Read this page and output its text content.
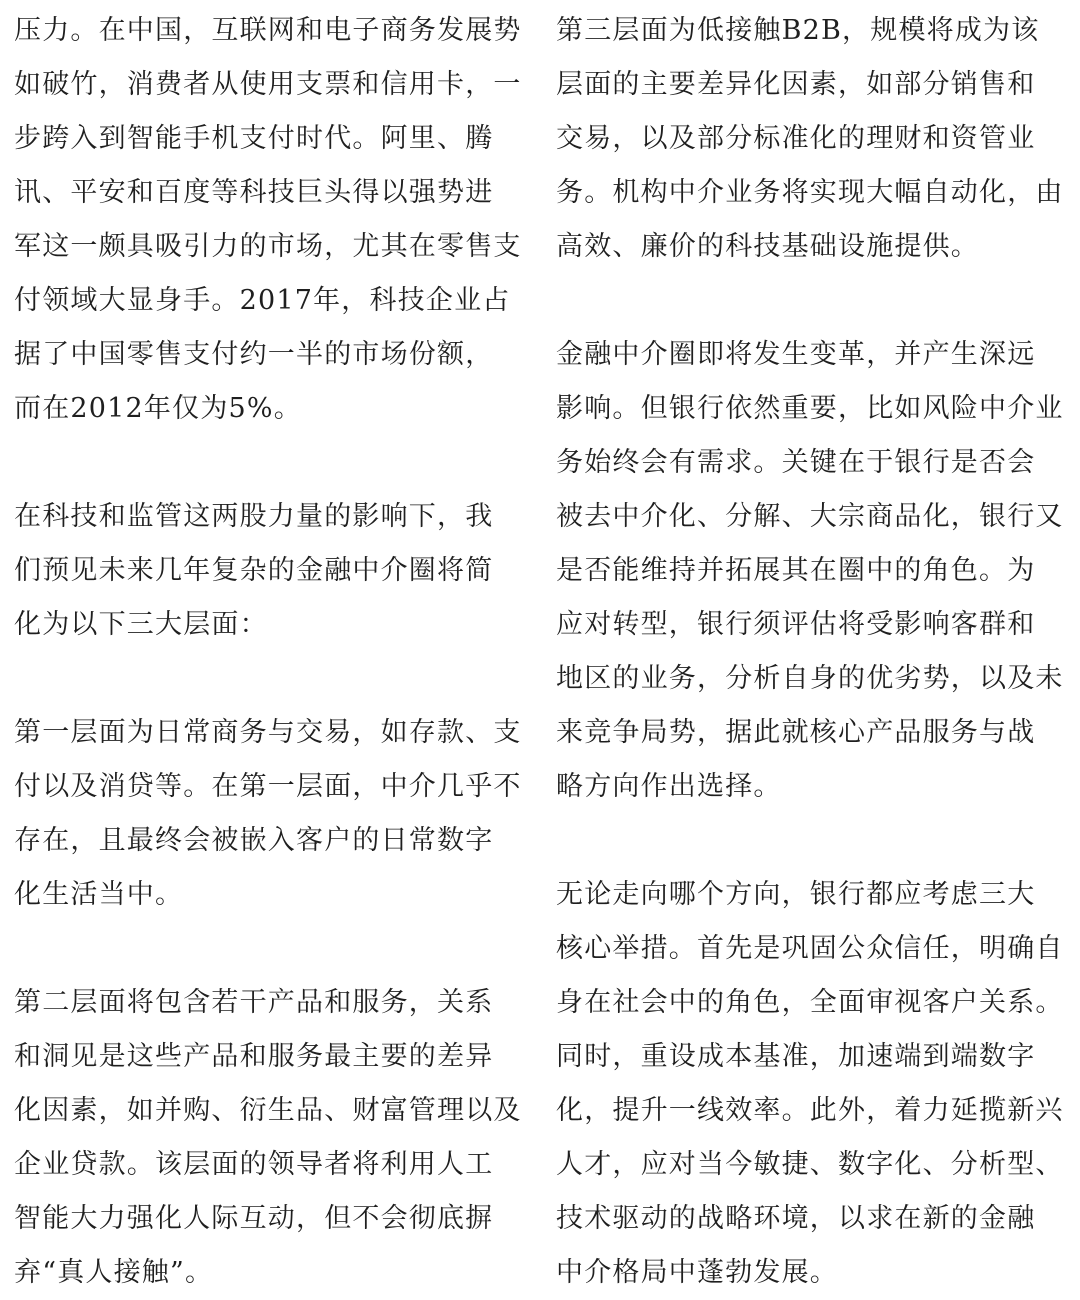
压力。在中国，互联网和电子商务发展势
如破竹，消费者从使用支票和信用卡，一
步跨入到智能手机支付时代。阿里、腾
讯、平安和百度等科技巨头得以强势进
军这一颇具吸引力的市场，尤其在零售支
付领域大显身手。2017年，科技企业占
据了中国零售支付约一半的市场份额，
而在2012年仅为5%。
在科技和监管这两股力量的影响下，我
们预见未来几年复杂的金融中介圈将简
化为以下三大层面：
第一层面为日常商务与交易，如存款、支
付以及消贷等。在第一层面，中介几乎不
存在，且最终会被嵌入客户的日常数字
化生活当中。
第二层面将包含若干产品和服务，关系
和洞见是这些产品和服务最主要的差异
化因素，如并购、衍生品、财富管理以及
企业贷款。该层面的领导者将利用人工
智能大力强化人际互动，但不会彻底摒
弃“真人接触”。
第三层面为低接触B2B，规模将成为该
层面的主要差异化因素，如部分销售和
交易，以及部分标准化的理财和资管业
务。机构中介业务将实现大幅自动化，由
高效、廉价的科技基础设施提供。
金融中介圈即将发生变革，并产生深远
影响。但银行依然重要，比如风险中介业
务始终会有需求。关键在于银行是否会
被去中介化、分解、大宗商品化，银行又
是否能维持并拓展其在圈中的角色。为
应对转型，银行须评估将受影响客群和
地区的业务，分析自身的优劣势，以及未
来竞争局势，据此就核心产品服务与战
略方向作出选择。
无论走向哪个方向，银行都应考虑三大
核心举措。首先是巩固公众信任，明确自
身在社会中的角色，全面审视客户关系。
同时，重设成本基准，加速端到端数字
化，提升一线效率。此外，着力延揽新兴
人才，应对当今敏捷、数字化、分析型、
技术驱动的战略环境，以求在新的金融
中介格局中蓬勃发展。
